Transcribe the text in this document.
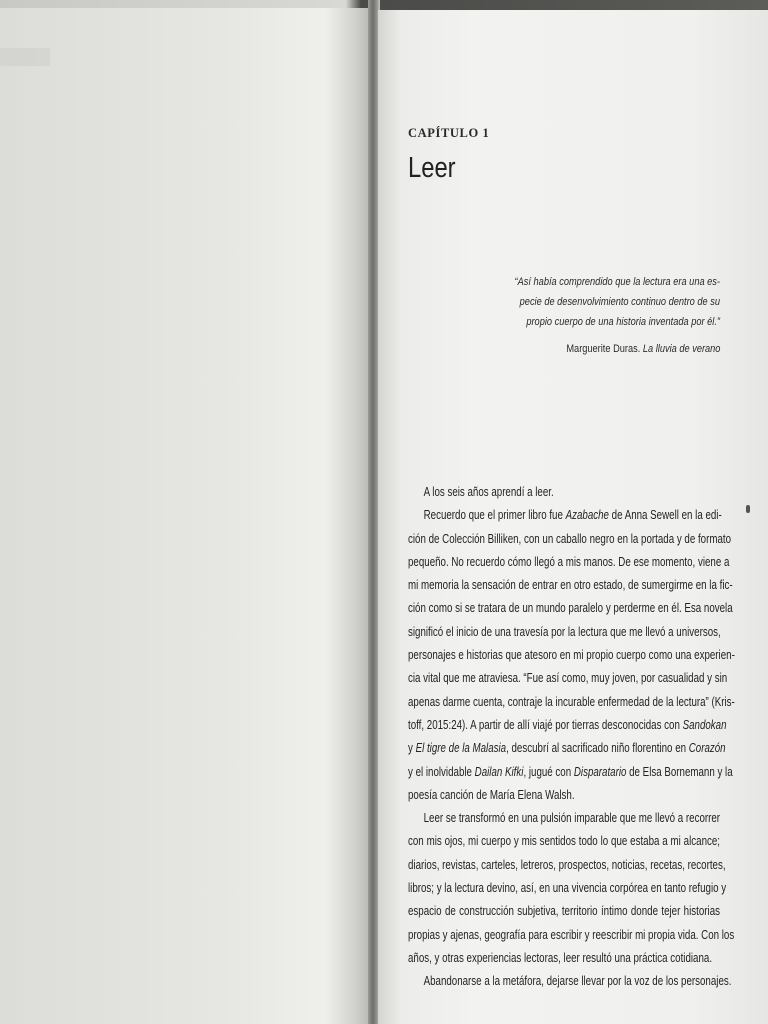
CAPÍTULO 1
Leer
“Así había comprendido que la lectura era una es-
pecie de desenvolvimiento continuo dentro de su
propio cuerpo de una historia inventada por él.”
Marguerite Duras. La lluvia de verano
A los seis años aprendí a leer.
Recuerdo que el primer libro fue Azabache de Anna Sewell en la edi-
ción de Colección Billiken, con un caballo negro en la portada y de formato
pequeño. No recuerdo cómo llegó a mis manos. De ese momento, viene a
mi memoria la sensación de entrar en otro estado, de sumergirme en la fic-
ción como si se tratara de un mundo paralelo y perderme en él. Esa novela
significó el inicio de una travesía por la lectura que me llevó a universos,
personajes e historias que atesoro en mi propio cuerpo como una experien-
cia vital que me atraviesa. “Fue así como, muy joven, por casualidad y sin
apenas darme cuenta, contraje la incurable enfermedad de la lectura” (Kris-
toff, 2015:24). A partir de allí viajé por tierras desconocidas con Sandokan
y El tigre de la Malasia, descubrí al sacrificado niño florentino en Corazón
y el inolvidable Dailan Kifki, jugué con Disparatario de Elsa Bornemann y la
poesía canción de María Elena Walsh.
Leer se transformó en una pulsión imparable que me llevó a recorrer
con mis ojos, mi cuerpo y mis sentidos todo lo que estaba a mi alcance;
diarios, revistas, carteles, letreros, prospectos, noticias, recetas, recortes,
libros; y la lectura devino, así, en una vivencia corpórea en tanto refugio y
espacio de construcción subjetiva, territorio íntimo donde tejer historias
propias y ajenas, geografía para escribir y reescribir mi propia vida. Con los
años, y otras experiencias lectoras, leer resultó una práctica cotidiana.
Abandonarse a la metáfora, dejarse llevar por la voz de los personajes.
